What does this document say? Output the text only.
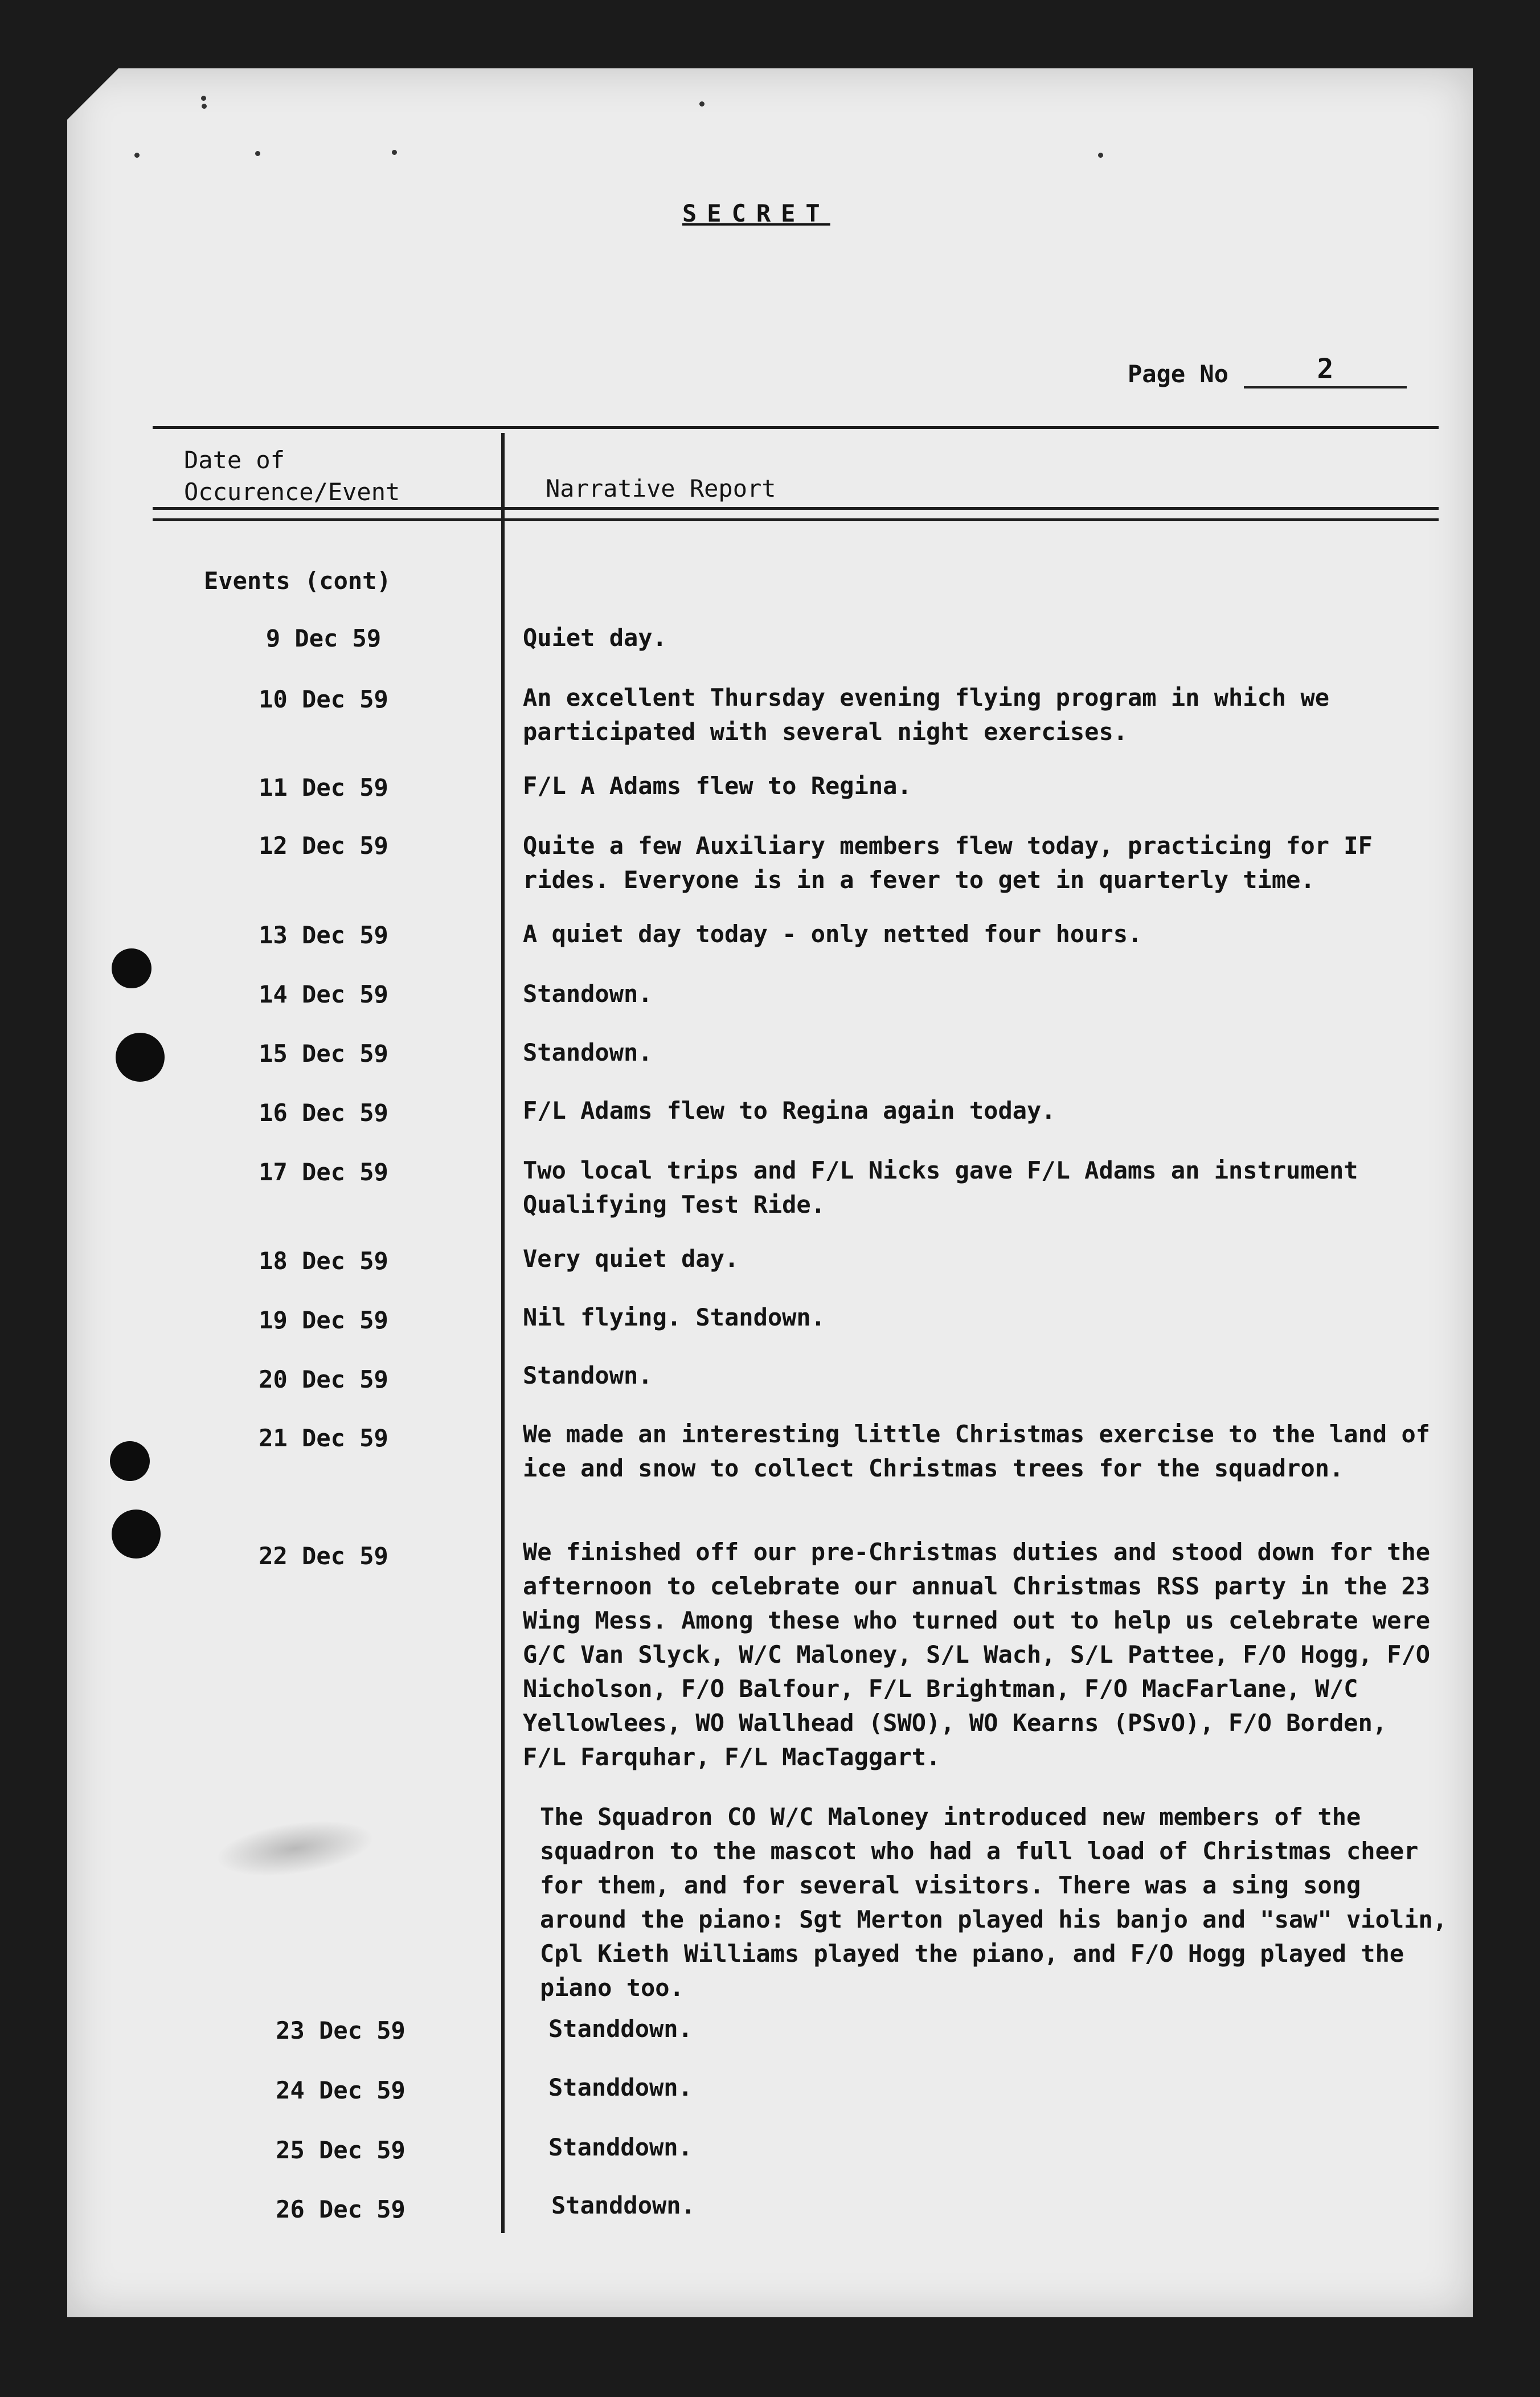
SECRET
Page No	2
Date of
Occurence/Event	Narrative Report
Events (cont)
9 Dec 59	Quiet day.
10 Dec 59	An excellent Thursday evening flying program in which we participated with several night exercises.
11 Dec 59	F/L A Adams flew to Regina.
12 Dec 59	Quite a few Auxiliary members flew today, practicing for IF rides. Everyone is in a fever to get in quarterly time.
13 Dec 59	A quiet day today - only netted four hours.
14 Dec 59	Standown.
15 Dec 59	Standown.
16 Dec 59	F/L Adams flew to Regina again today.
17 Dec 59	Two local trips and F/L Nicks gave F/L Adams an instrument Qualifying Test Ride.
18 Dec 59	Very quiet day.
19 Dec 59	Nil flying. Standown.
20 Dec 59	Standown.
21 Dec 59	We made an interesting little Christmas exercise to the land of ice and snow to collect Christmas trees for the squadron.
22 Dec 59	We finished off our pre-Christmas duties and stood down for the afternoon to celebrate our annual Christmas RSS party in the 23 Wing Mess. Among these who turned out to help us celebrate were G/C Van Slyck, W/C Maloney, S/L Wach, S/L Pattee, F/O Hogg, F/O Nicholson, F/O Balfour, F/L Brightman, F/O MacFarlane, W/C Yellowlees, WO Wallhead (SWO), WO Kearns (PSvO), F/O Borden, F/L Farquhar, F/L MacTaggart.
The Squadron CO W/C Maloney introduced new members of the squadron to the mascot who had a full load of Christmas cheer for them, and for several visitors. There was a sing song around the piano: Sgt Merton played his banjo and "saw" violin, Cpl Kieth Williams played the piano, and F/O Hogg played the piano too.
23 Dec 59	Standdown.
24 Dec 59	Standdown.
25 Dec 59	Standdown.
26 Dec 59	Standdown.
